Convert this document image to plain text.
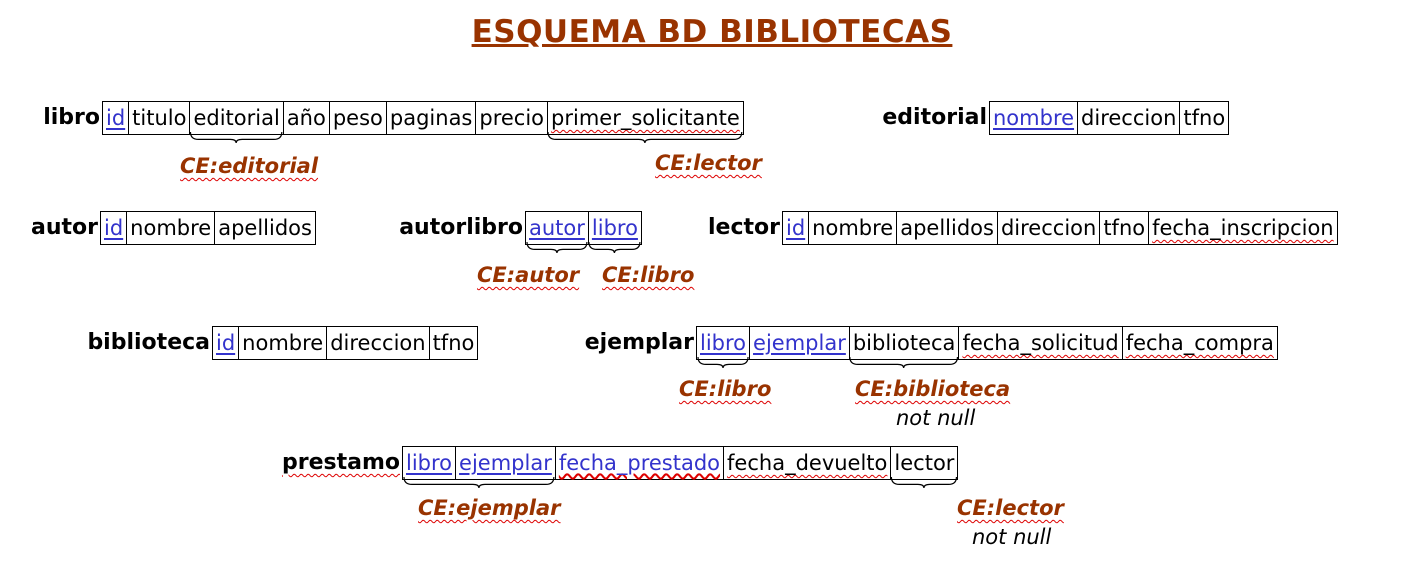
ESQUEMA BD BIBLIOTECAS
libro id titulo editorial año peso paginas precio primer_solicitante	editorial nombre direccion tfno
autor id nombre apellidos	autorlibro autor libro	lector id nombre apellidos direccion tfno fecha_inscripcion
biblioteca id nombre direccion tfno	ejemplar libro ejemplar biblioteca fecha_solicitud fecha_compra
prestamo libro ejemplar fecha_prestado fecha_devuelto lector
CE:editorial	CE:lector
CE:autor CE:libro
CE:libro	CE:biblioteca
not null
CE:ejemplar	CE:lector
not null
